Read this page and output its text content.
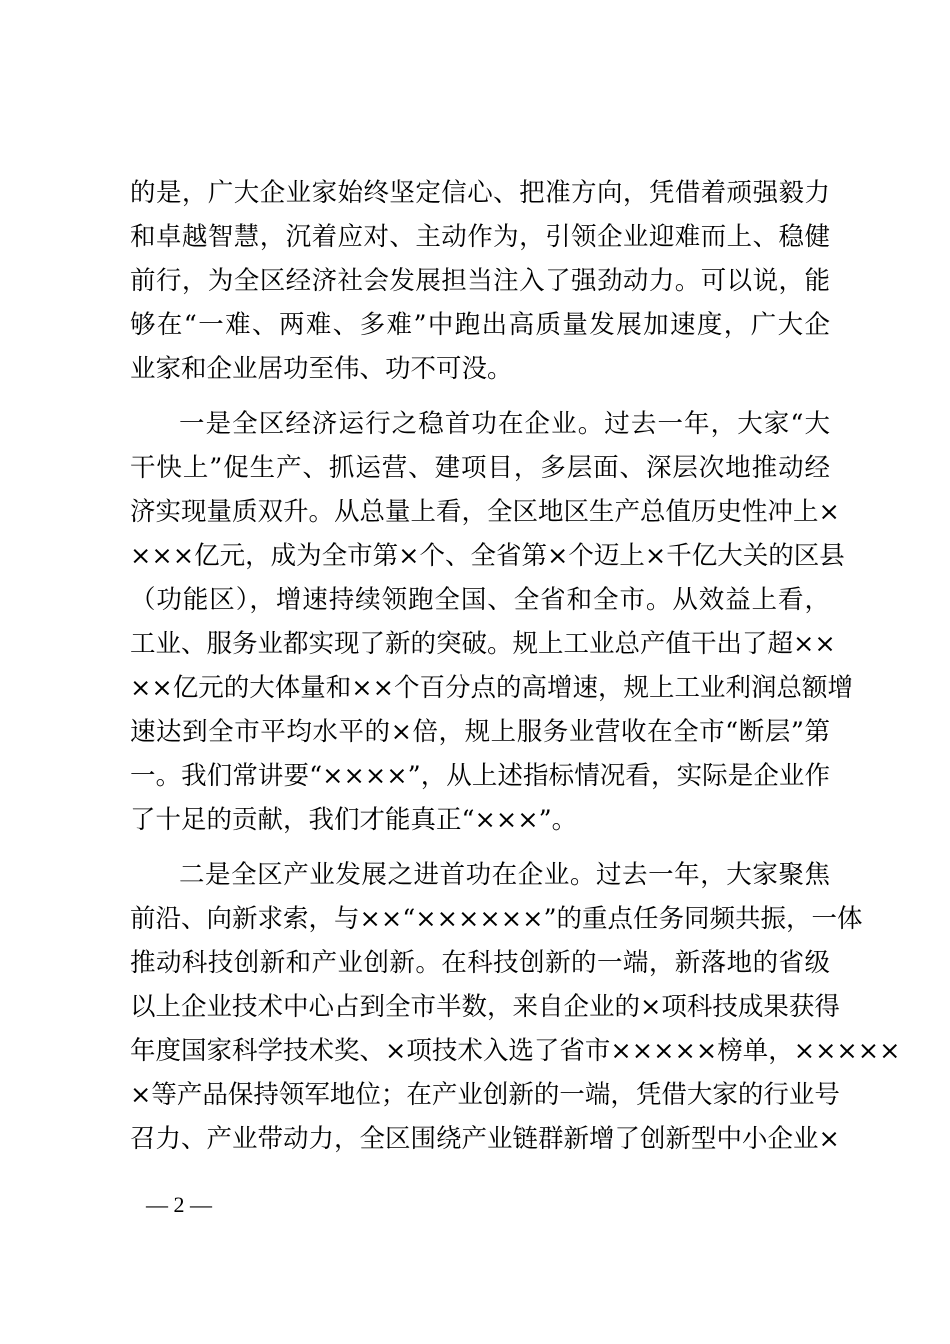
的是，广大企业家始终坚定信心、把准方向，凭借着顽强毅力
和卓越智慧，沉着应对、主动作为，引领企业迎难而上、稳健
前行，为全区经济社会发展担当注入了强劲动力。可以说，能
够在“一难、两难、多难”中跑出高质量发展加速度，广大企
业家和企业居功至伟、功不可没。
一是全区经济运行之稳首功在企业。过去一年，大家“大
干快上”促生产、抓运营、建项目，多层面、深层次地推动经
济实现量质双升。从总量上看，全区地区生产总值历史性冲上×
×××亿元，成为全市第×个、全省第×个迈上×千亿大关的区县
（功能区），增速持续领跑全国、全省和全市。从效益上看，
工业、服务业都实现了新的突破。规上工业总产值干出了超××
××亿元的大体量和××个百分点的高增速，规上工业利润总额增
速达到全市平均水平的×倍，规上服务业营收在全市“断层”第
一。我们常讲要“××××”，从上述指标情况看，实际是企业作
了十足的贡献，我们才能真正“×××”。
二是全区产业发展之进首功在企业。过去一年，大家聚焦
前沿、向新求索，与××“××××××”的重点任务同频共振，一体
推动科技创新和产业创新。在科技创新的一端，新落地的省级
以上企业技术中心占到全市半数，来自企业的×项科技成果获得
年度国家科学技术奖、×项技术入选了省市×××××榜单，×××××
×等产品保持领军地位；在产业创新的一端，凭借大家的行业号
召力、产业带动力，全区围绕产业链群新增了创新型中小企业×
— 2 —
